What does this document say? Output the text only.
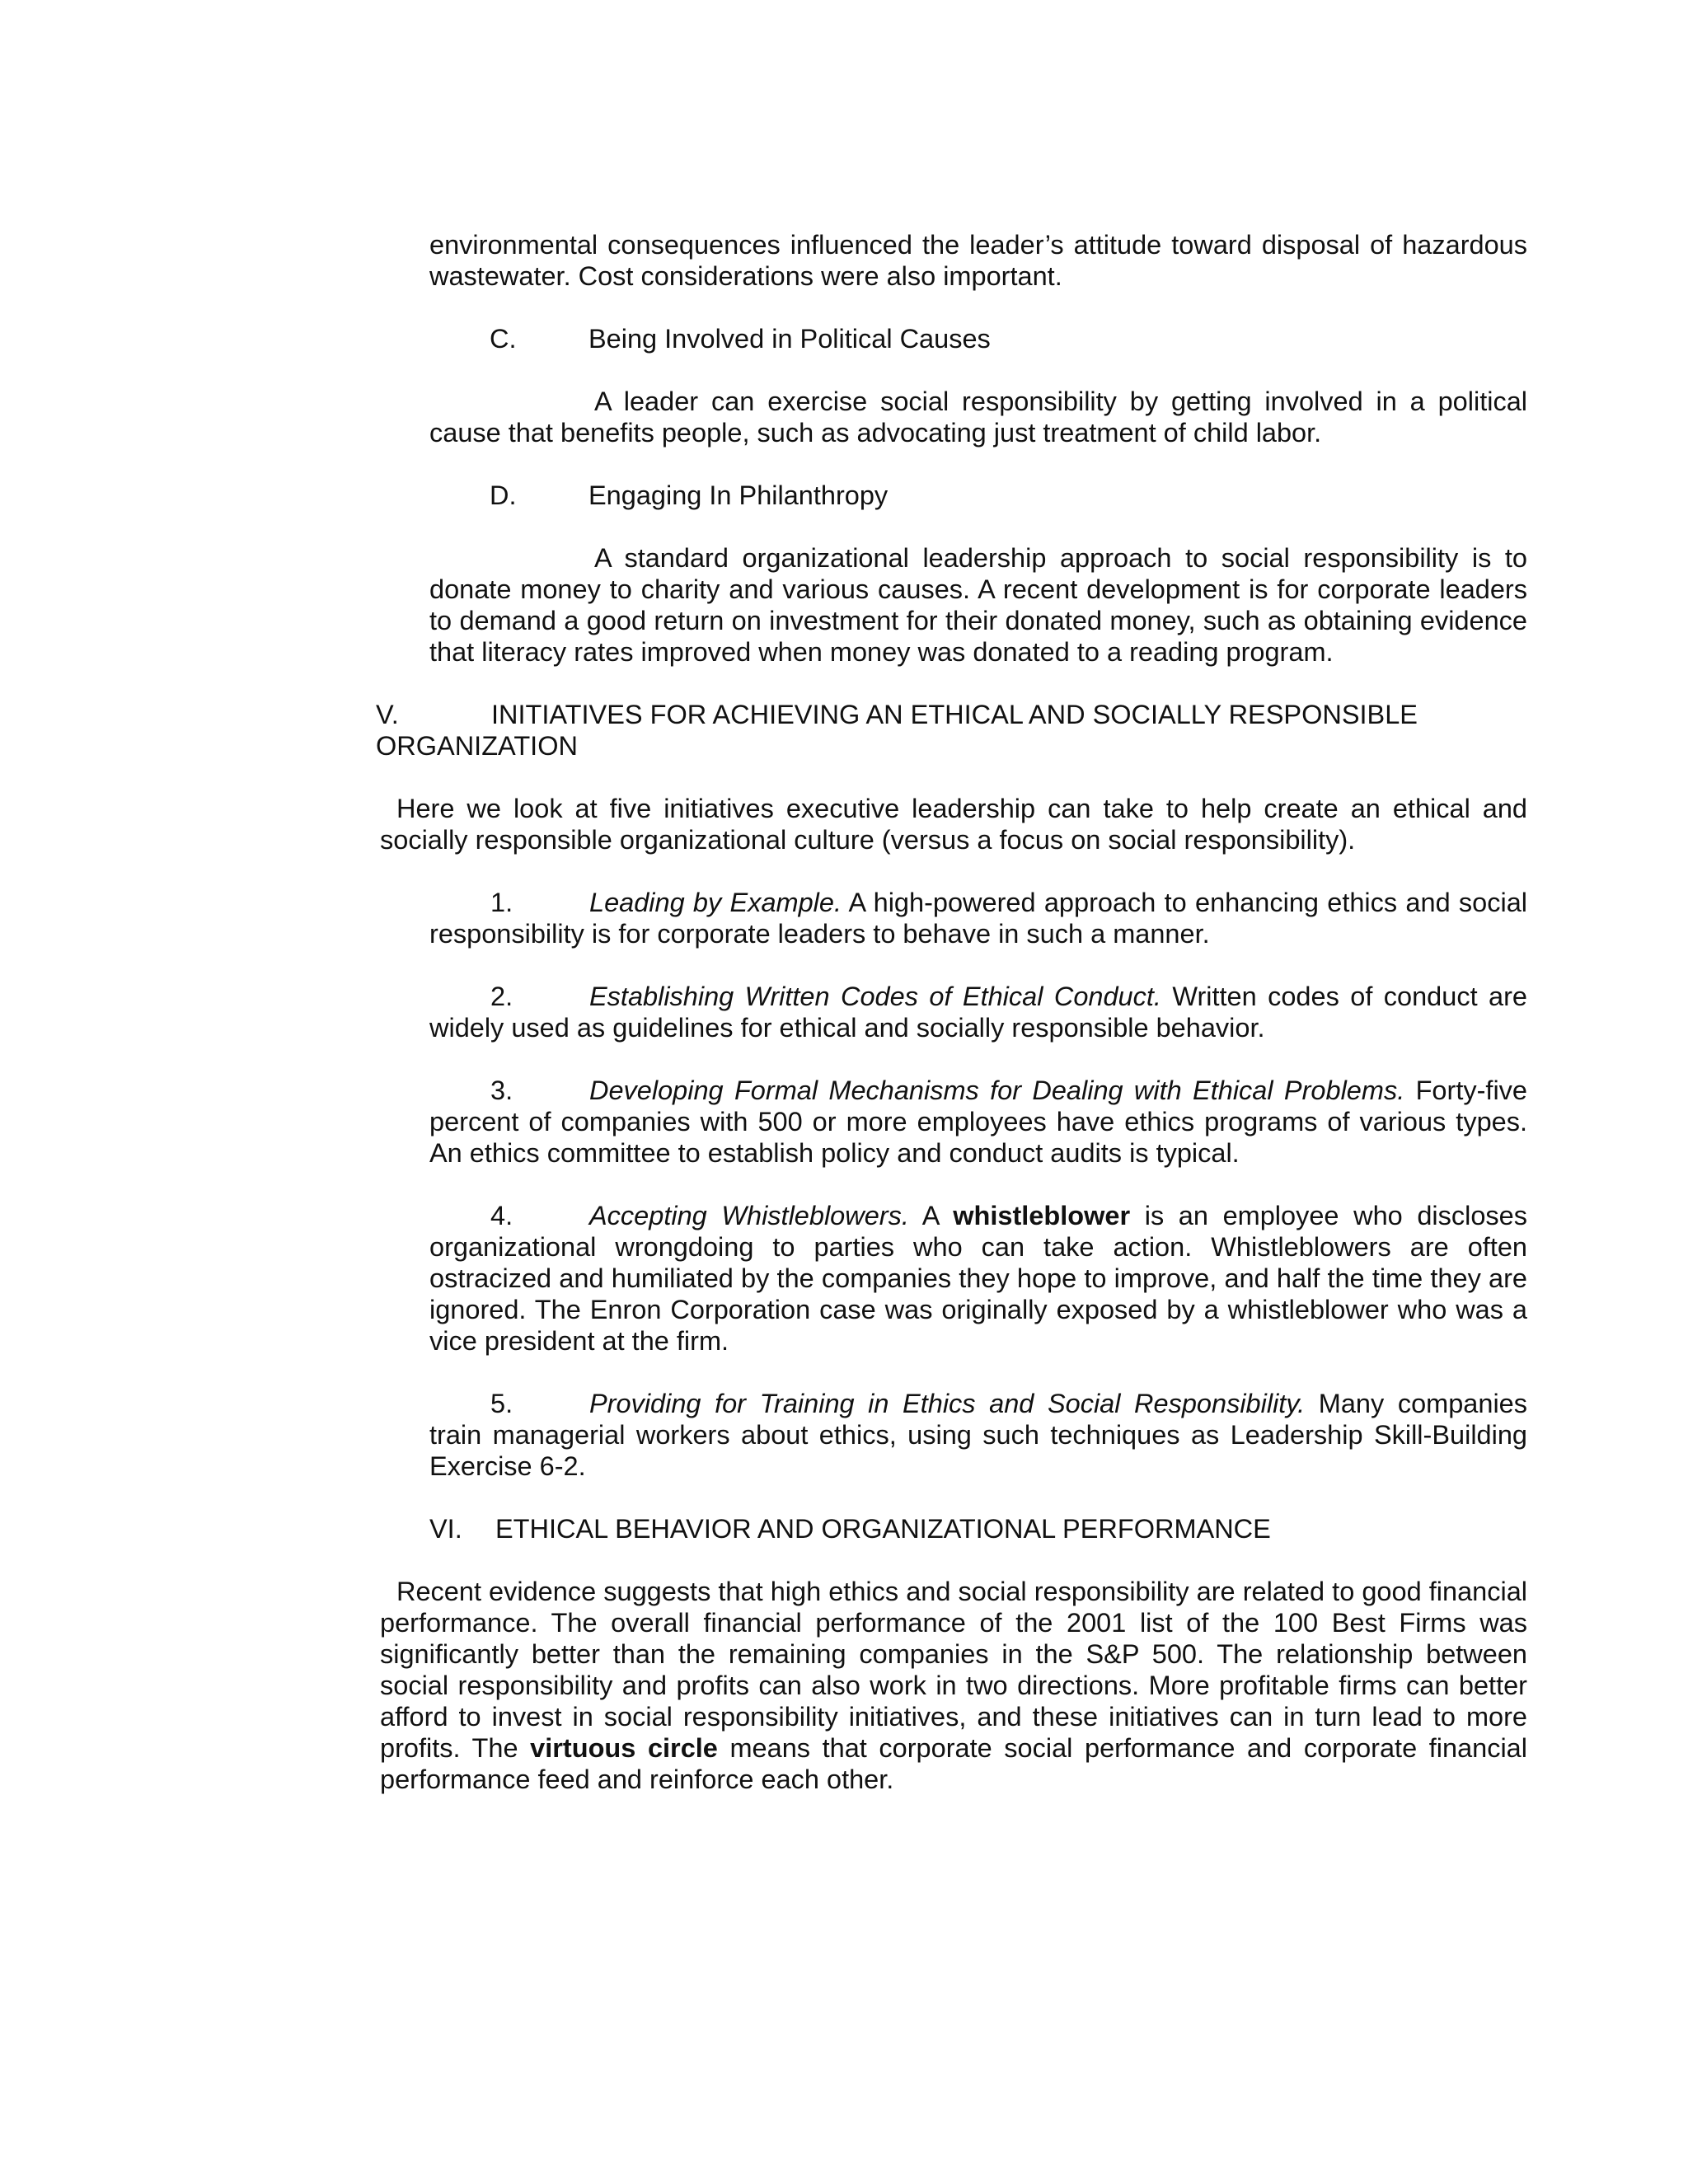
environmental consequences influenced the leader’s attitude toward disposal of hazardous wastewater. Cost considerations were also important.

C.	Being Involved in Political Causes

A leader can exercise social responsibility by getting involved in a political cause that benefits people, such as advocating just treatment of child labor.

D.	Engaging In Philanthropy

A standard organizational leadership approach to social responsibility is to donate money to charity and various causes. A recent development is for corporate leaders to demand a good return on investment for their donated money, such as obtaining evidence that literacy rates improved when money was donated to a reading program.

V.	INITIATIVES FOR ACHIEVING AN ETHICAL AND SOCIALLY RESPONSIBLE
ORGANIZATION

Here we look at five initiatives executive leadership can take to help create an ethical and socially responsible organizational culture (versus a focus on social responsibility).

1.	Leading by Example. A high-powered approach to enhancing ethics and social responsibility is for corporate leaders to behave in such a manner.

2.	Establishing Written Codes of Ethical Conduct. Written codes of conduct are widely used as guidelines for ethical and socially responsible behavior.

3.	Developing Formal Mechanisms for Dealing with Ethical Problems. Forty-five percent of companies with 500 or more employees have ethics programs of various types. An ethics committee to establish policy and conduct audits is typical.

4.	Accepting Whistleblowers. A whistleblower is an employee who discloses organizational wrongdoing to parties who can take action. Whistleblowers are often ostracized and humiliated by the companies they hope to improve, and half the time they are ignored. The Enron Corporation case was originally exposed by a whistleblower who was a vice president at the firm.

5.	Providing for Training in Ethics and Social Responsibility. Many companies train managerial workers about ethics, using such techniques as Leadership Skill-Building Exercise 6-2.

VI. ETHICAL BEHAVIOR AND ORGANIZATIONAL PERFORMANCE

Recent evidence suggests that high ethics and social responsibility are related to good financial performance. The overall financial performance of the 2001 list of the 100 Best Firms was significantly better than the remaining companies in the S&P 500. The relationship between social responsibility and profits can also work in two directions. More profitable firms can better afford to invest in social responsibility initiatives, and these initiatives can in turn lead to more profits. The virtuous circle means that corporate social performance and corporate financial performance feed and reinforce each other.
